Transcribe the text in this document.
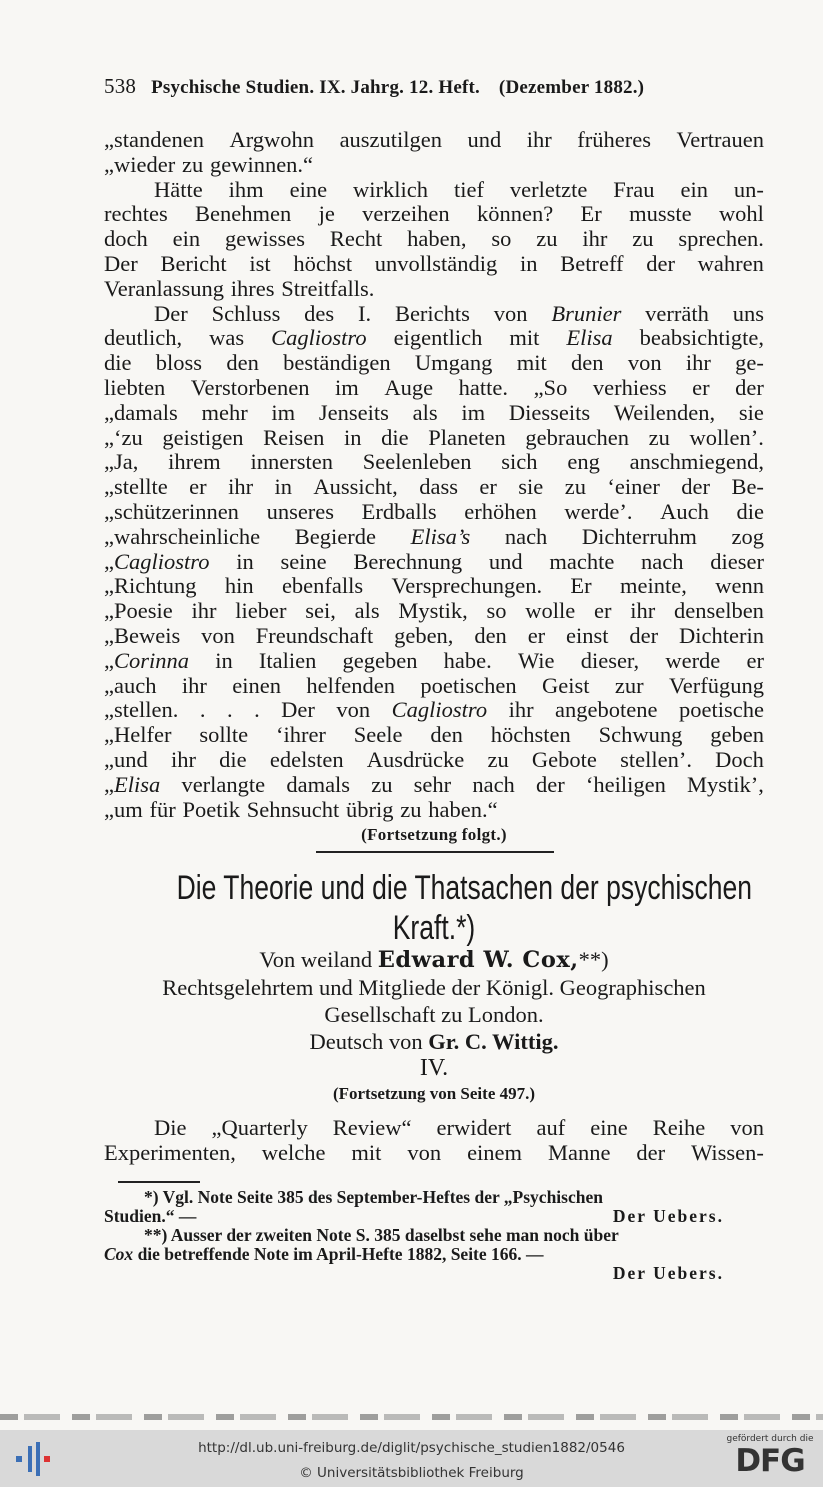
538 Psychische Studien. IX. Jahrg. 12. Heft. (Dezember 1882.)
„standenen Argwohn auszutilgen und ihr früheres Vertrauen
„wieder zu gewinnen.“
Hätte ihm eine wirklich tief verletzte Frau ein un-
rechtes Benehmen je verzeihen können? Er musste wohl
doch ein gewisses Recht haben, so zu ihr zu sprechen.
Der Bericht ist höchst unvollständig in Betreff der wahren
Veranlassung ihres Streitfalls.
Der Schluss des I. Berichts von Brunier verräth uns
deutlich, was Cagliostro eigentlich mit Elisa beabsichtigte,
die bloss den beständigen Umgang mit den von ihr ge-
liebten Verstorbenen im Auge hatte. „So verhiess er der
„damals mehr im Jenseits als im Diesseits Weilenden, sie
„‘zu geistigen Reisen in die Planeten gebrauchen zu wollen’.
„Ja, ihrem innersten Seelenleben sich eng anschmiegend,
„stellte er ihr in Aussicht, dass er sie zu ‘einer der Be-
„schützerinnen unseres Erdballs erhöhen werde’. Auch die
„wahrscheinliche Begierde Elisa’s nach Dichterruhm zog
„Cagliostro in seine Berechnung und machte nach dieser
„Richtung hin ebenfalls Versprechungen. Er meinte, wenn
„Poesie ihr lieber sei, als Mystik, so wolle er ihr denselben
„Beweis von Freundschaft geben, den er einst der Dichterin
„Corinna in Italien gegeben habe. Wie dieser, werde er
„auch ihr einen helfenden poetischen Geist zur Verfügung
„stellen. . . . Der von Cagliostro ihr angebotene poetische
„Helfer sollte ‘ihrer Seele den höchsten Schwung geben
„und ihr die edelsten Ausdrücke zu Gebote stellen’. Doch
„Elisa verlangte damals zu sehr nach der ‘heiligen Mystik’,
„um für Poetik Sehnsucht übrig zu haben.“
(Fortsetzung folgt.)
Die Theorie und die Thatsachen der psychischen
Kraft.*)
Von weiland Edward W. Cox,**)
Rechtsgelehrtem und Mitgliede der Königl. Geographischen
Gesellschaft zu London.
Deutsch von Gr. C. Wittig.
IV.
(Fortsetzung von Seite 497.)
Die „Quarterly Review“ erwidert auf eine Reihe von
Experimenten, welche mit von einem Manne der Wissen-
*) Vgl. Note Seite 385 des September-Heftes der „Psychischen
Studien.“ —	Der Uebers.
**) Ausser der zweiten Note S. 385 daselbst sehe man noch über
Cox die betreffende Note im April-Hefte 1882, Seite 166. —
Der Uebers.
http://dl.ub.uni-freiburg.de/diglit/psychische_studien1882/0546
© Universitätsbibliothek Freiburg
gefördert durch die
DFG
